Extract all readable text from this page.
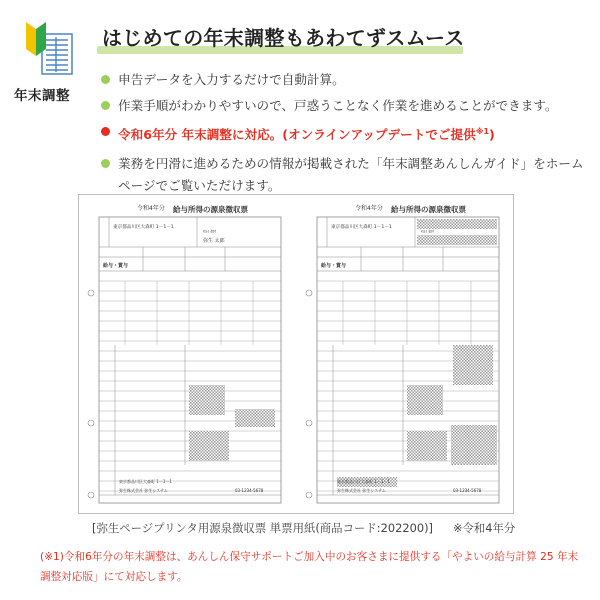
年末調整
はじめての年末調整もあわてずスムース
申告データを入力するだけで自動計算。
作業手順がわかりやすいので、戸惑うことなく作業を進めることができます。
令和6年分 年末調整に対応。(オンラインアップデートでご提供$^{※1}$)
業務を円滑に進めるための情報が掲載された「年末調整あんしんガイド」をホームページでご覧いただけます。
令和4年分 給与所得の源泉徴収票
東京都品川区大森町 1－1－1
ﾔﾖｲ ﾀﾛｳ
弥生 太郎
給与・賞与
東京都品川区大森町 1－1－1
弥生株式会社 弥生システム	03-1234-5678
令和4年分 給与所得の源泉徴収票
東京都品川区大森町 1－1－1
ﾔﾖｲ ﾀﾛｳ
給与・賞与
東京都品川区大森町 1－1－1
弥生株式会社 弥生システム	03-1234-5678
[弥生ページプリンタ用源泉徴収票 単票用紙(商品コード:202200)] ※令和4年分
(※1)令和6年分の年末調整は、あんしん保守サポートご加入中のお客さまに提供する「やよいの給与計算 25 年末調整対応版」にて対応します。
